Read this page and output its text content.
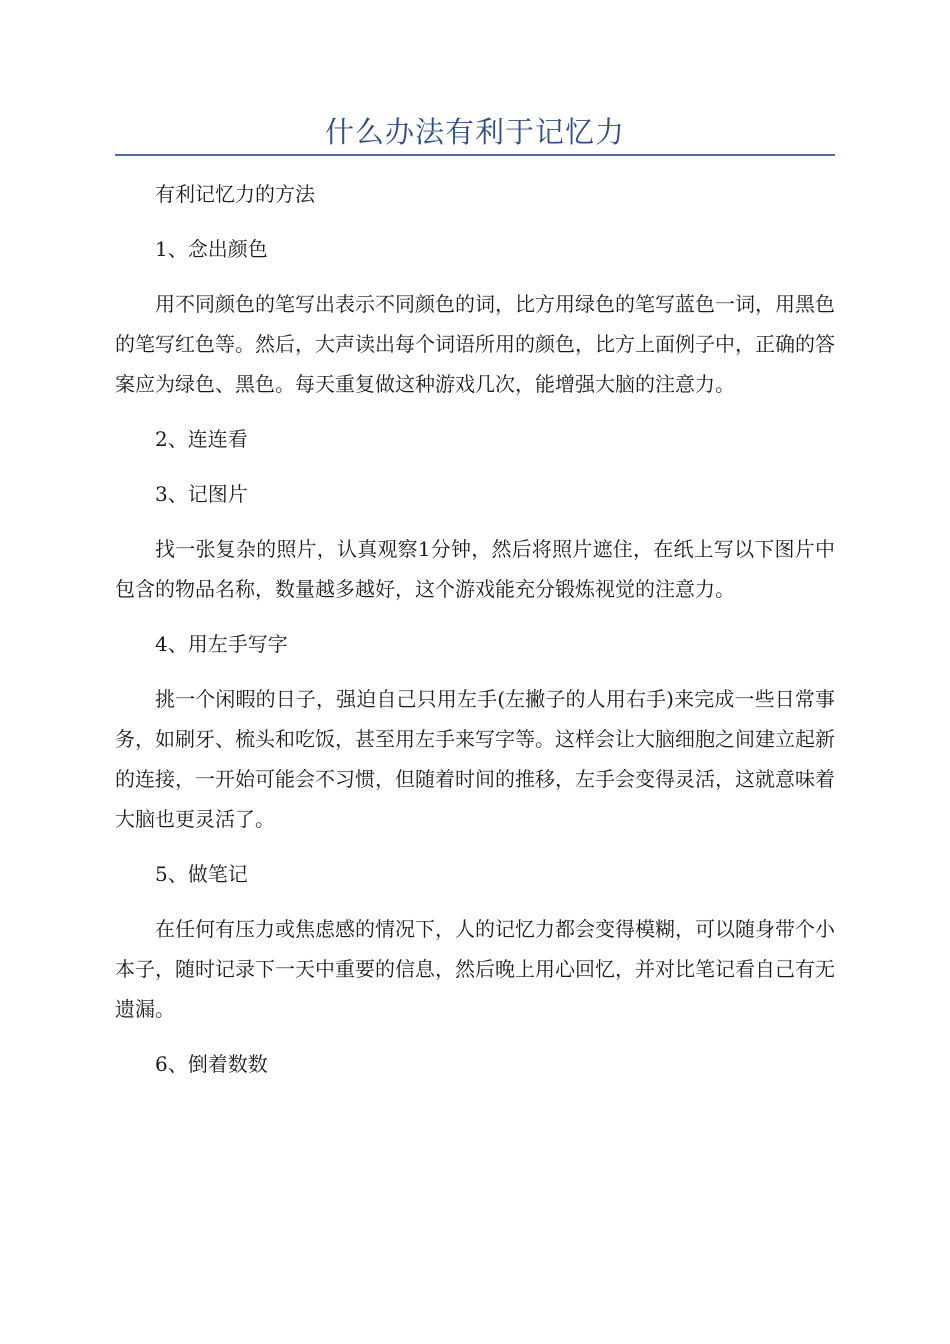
什么办法有利于记忆力

有利记忆力的方法

1、念出颜色

用不同颜色的笔写出表示不同颜色的词，比方用绿色的笔写蓝色一词，用黑色的笔写红色等。然后，大声读出每个词语所用的颜色，比方上面例子中，正确的答案应为绿色、黑色。每天重复做这种游戏几次，能增强大脑的注意力。

2、连连看

3、记图片

找一张复杂的照片，认真观察1分钟，然后将照片遮住，在纸上写以下图片中包含的物品名称，数量越多越好，这个游戏能充分锻炼视觉的注意力。

4、用左手写字

挑一个闲暇的日子，强迫自己只用左手(左撇子的人用右手)来完成一些日常事务，如刷牙、梳头和吃饭，甚至用左手来写字等。这样会让大脑细胞之间建立起新的连接，一开始可能会不习惯，但随着时间的推移，左手会变得灵活，这就意味着大脑也更灵活了。

5、做笔记

在任何有压力或焦虑感的情况下，人的记忆力都会变得模糊，可以随身带个小本子，随时记录下一天中重要的信息，然后晚上用心回忆，并对比笔记看自己有无遗漏。

6、倒着数数
